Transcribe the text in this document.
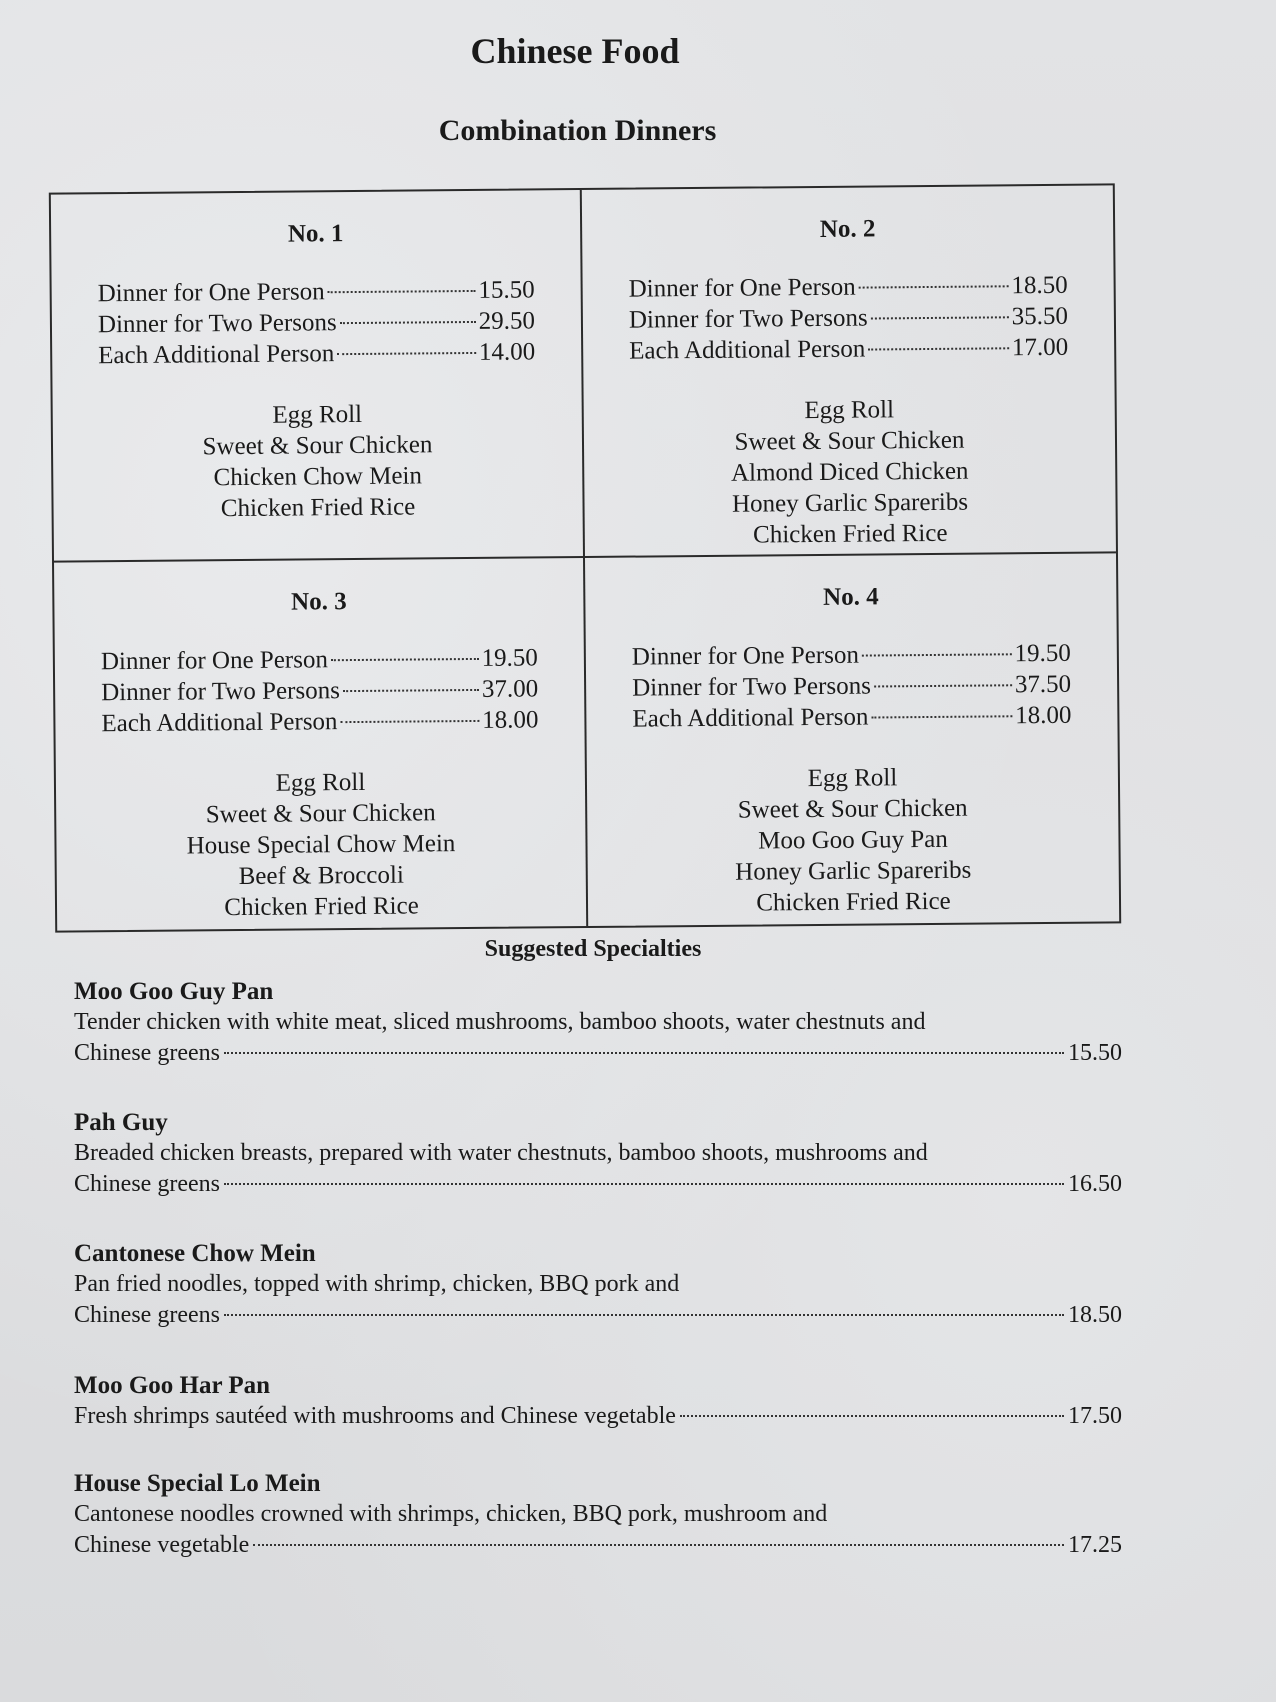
Chinese Food
Combination Dinners
No. 1
Dinner for One Person	15.50
Dinner for Two Persons	29.50
Each Additional Person	14.00
Egg Roll
Sweet & Sour Chicken
Chicken Chow Mein
Chicken Fried Rice
No. 2
Dinner for One Person	18.50
Dinner for Two Persons	35.50
Each Additional Person	17.00
Egg Roll
Sweet & Sour Chicken
Almond Diced Chicken
Honey Garlic Spareribs
Chicken Fried Rice
No. 3
Dinner for One Person	19.50
Dinner for Two Persons	37.00
Each Additional Person	18.00
Egg Roll
Sweet & Sour Chicken
House Special Chow Mein
Beef & Broccoli
Chicken Fried Rice
No. 4
Dinner for One Person	19.50
Dinner for Two Persons	37.50
Each Additional Person	18.00
Egg Roll
Sweet & Sour Chicken
Moo Goo Guy Pan
Honey Garlic Spareribs
Chicken Fried Rice
Suggested Specialties
Moo Goo Guy Pan
Tender chicken with white meat, sliced mushrooms, bamboo shoots, water chestnuts and
Chinese greens	15.50
Pah Guy
Breaded chicken breasts, prepared with water chestnuts, bamboo shoots, mushrooms and
Chinese greens	16.50
Cantonese Chow Mein
Pan fried noodles, topped with shrimp, chicken, BBQ pork and
Chinese greens	18.50
Moo Goo Har Pan
Fresh shrimps sautéed with mushrooms and Chinese vegetable	17.50
House Special Lo Mein
Cantonese noodles crowned with shrimps, chicken, BBQ pork, mushroom and
Chinese vegetable	17.25
